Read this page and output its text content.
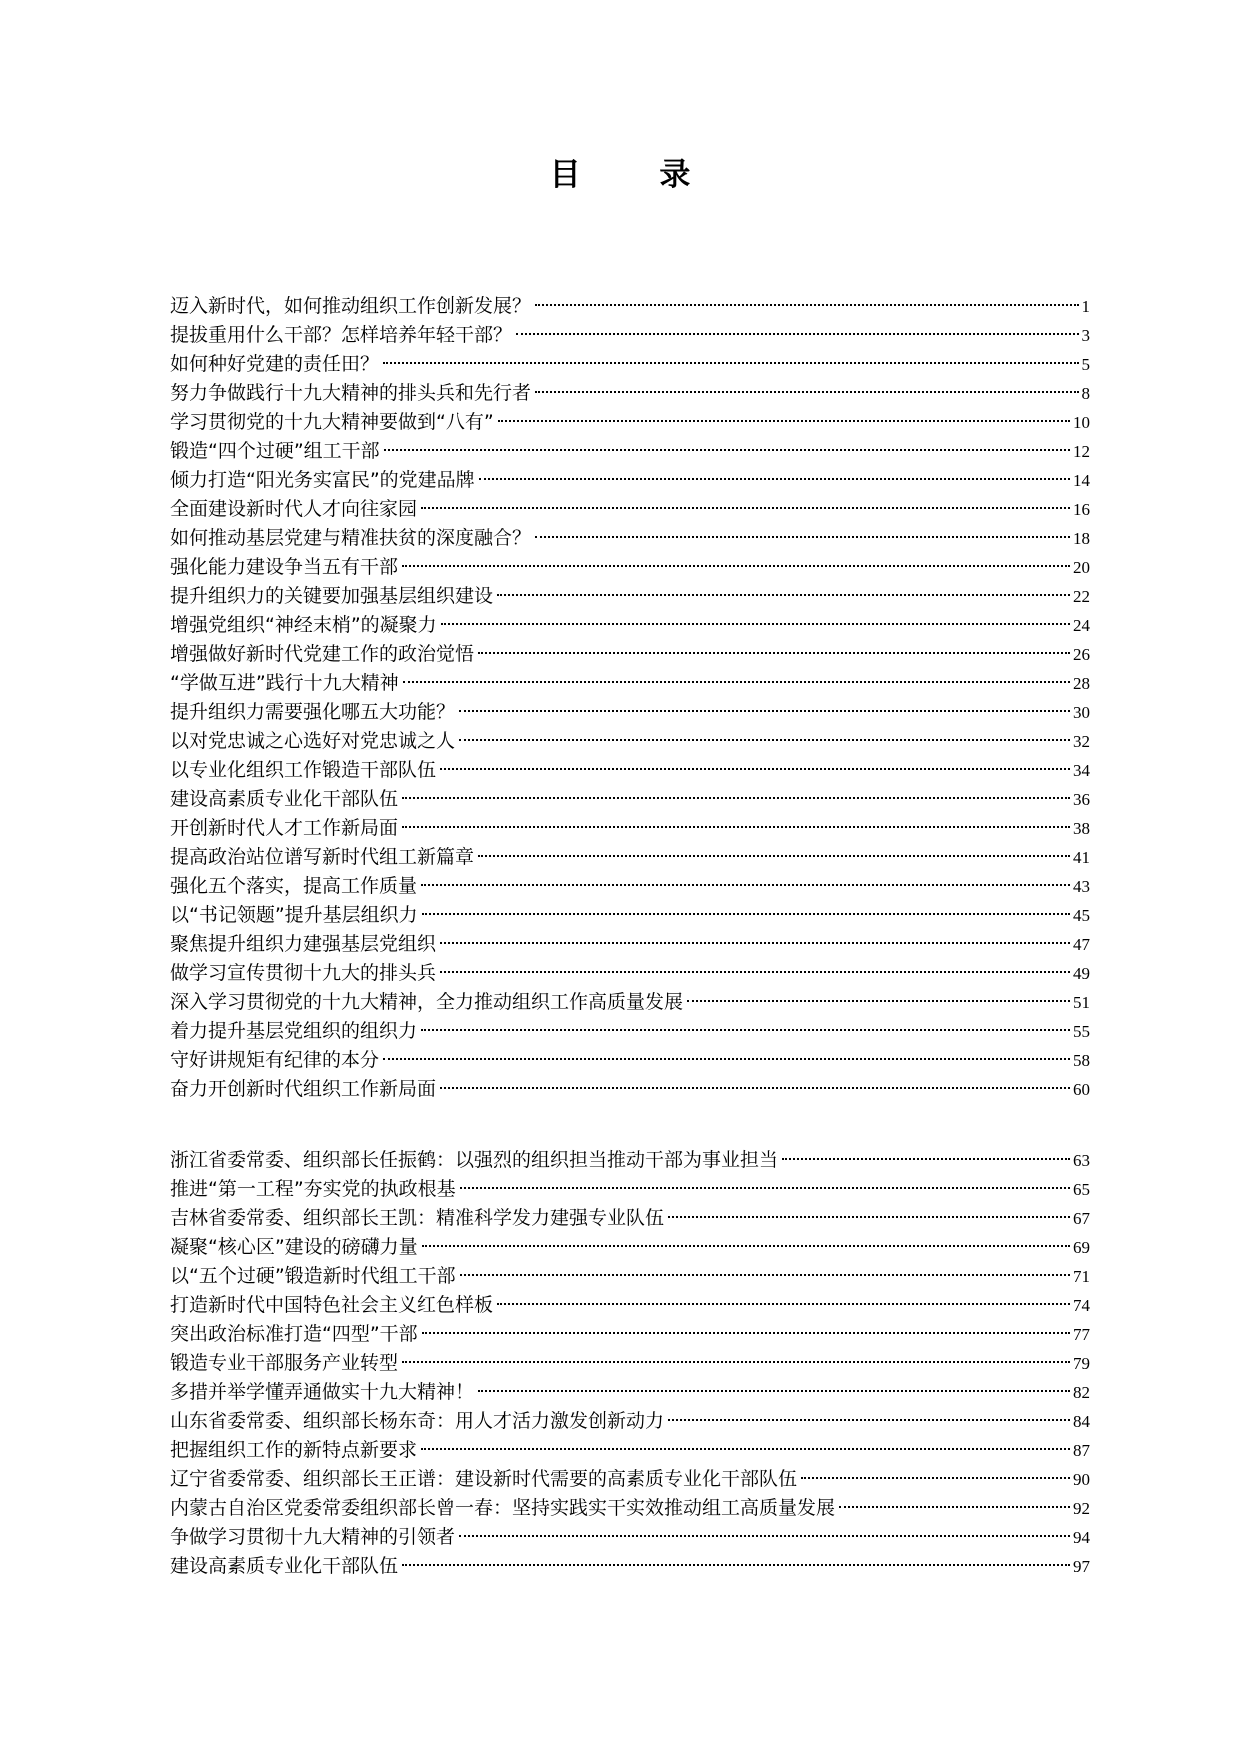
目 录
迈入新时代，如何推动组织工作创新发展？	1
提拔重用什么干部？怎样培养年轻干部？	3
如何种好党建的责任田？	5
努力争做践行十九大精神的排头兵和先行者	8
学习贯彻党的十九大精神要做到“八有”	10
锻造“四个过硬”组工干部	12
倾力打造“阳光务实富民”的党建品牌	14
全面建设新时代人才向往家园	16
如何推动基层党建与精准扶贫的深度融合？	18
强化能力建设争当五有干部	20
提升组织力的关键要加强基层组织建设	22
增强党组织“神经末梢”的凝聚力	24
增强做好新时代党建工作的政治觉悟	26
“学做互进”践行十九大精神	28
提升组织力需要强化哪五大功能？	30
以对党忠诚之心选好对党忠诚之人	32
以专业化组织工作锻造干部队伍	34
建设高素质专业化干部队伍	36
开创新时代人才工作新局面	38
提高政治站位谱写新时代组工新篇章	41
强化五个落实，提高工作质量	43
以“书记领题”提升基层组织力	45
聚焦提升组织力建强基层党组织	47
做学习宣传贯彻十九大的排头兵	49
深入学习贯彻党的十九大精神，全力推动组织工作高质量发展	51
着力提升基层党组织的组织力	55
守好讲规矩有纪律的本分	58
奋力开创新时代组织工作新局面	60
浙江省委常委、组织部长任振鹤：以强烈的组织担当推动干部为事业担当	63
推进“第一工程”夯实党的执政根基	65
吉林省委常委、组织部长王凯：精准科学发力建强专业队伍	67
凝聚“核心区”建设的磅礴力量	69
以“五个过硬”锻造新时代组工干部	71
打造新时代中国特色社会主义红色样板	74
突出政治标准打造“四型”干部	77
锻造专业干部服务产业转型	79
多措并举学懂弄通做实十九大精神！	82
山东省委常委、组织部长杨东奇：用人才活力激发创新动力	84
把握组织工作的新特点新要求	87
辽宁省委常委、组织部长王正谱：建设新时代需要的高素质专业化干部队伍	90
内蒙古自治区党委常委组织部长曾一春：坚持实践实干实效推动组工高质量发展	92
争做学习贯彻十九大精神的引领者	94
建设高素质专业化干部队伍	97
